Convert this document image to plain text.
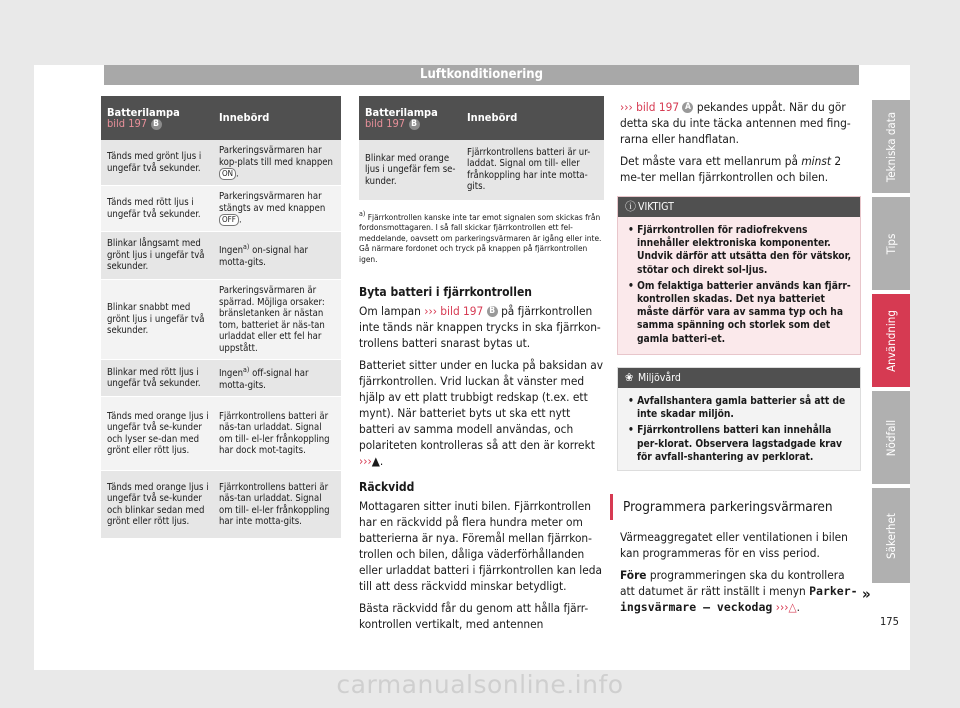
Luftkonditionering
Batterilampa
bild 197 B	Innebörd
Tänds med grönt ljus i ungefär två sekunder.	Parkeringsvärmaren har kop-plats till med knappen ON .
Tänds med rött ljus i ungefär två sekunder.	Parkeringsvärmaren har stängts av med knappen OFF .
Blinkar långsamt med grönt ljus i ungefär två sekunder.	Ingen$^{a)}$ on-signal har motta-gits.
Blinkar snabbt med grönt ljus i ungefär två sekunder.	Parkeringsvärmaren är spärrad. Möjliga orsaker: bränsletanken är nästan tom, batteriet är näs-tan urladdat eller ett fel har uppstått.
Blinkar med rött ljus i ungefär två sekunder.	Ingen$^{a)}$ off-signal har motta-gits.
Tänds med orange ljus i ungefär två se-kunder och lyser se-dan med grönt eller rött ljus.	Fjärrkontrollens batteri är näs-tan urladdat. Signal om till- el-ler frånkoppling har dock mot-tagits.
Tänds med orange ljus i ungefär två se-kunder och blinkar sedan med grönt eller rött ljus.	Fjärrkontrollens batteri är näs-tan urladdat. Signal om till- el-ler frånkoppling har inte motta-gits.
Batterilampa
bild 197 B	Innebörd
Blinkar med orange ljus i ungefär fem se-kunder.	Fjärrkontrollens batteri är ur-laddat. Signal om till- eller frånkoppling har inte motta-gits.
$^{a)}$ Fjärrkontrollen kanske inte tar emot signalen som skickas från fordonsmottagaren. I så fall skickar fjärrkontrollen ett fel-meddelande, oavsett om parkeringsvärmaren är igång eller inte. Gå närmare fordonet och tryck på knappen på fjärrkontrollen igen.
Byta batteri i fjärrkontrollen

Om lampan ››› bild 197 B på fjärrkontrollen inte tänds när knappen trycks in ska fjärrkon-trollens batteri snarast bytas ut.

Batteriet sitter under en lucka på baksidan av fjärrkontrollen. Vrid luckan åt vänster med hjälp av ett platt trubbigt redskap (t.ex. ett mynt). När batteriet byts ut ska ett nytt batteri av samma modell användas, och polariteten kontrolleras så att den är korrekt ›››▲.

Räckvidd

Mottagaren sitter inuti bilen. Fjärrkontrollen har en räckvidd på flera hundra meter om batterierna är nya. Föremål mellan fjärrkon-trollen och bilen, dåliga väderförhållanden eller urladdat batteri i fjärrkontrollen kan leda till att dess räckvidd minskar betydligt.

Bästa räckvidd får du genom att hålla fjärr-kontrollen vertikalt, med antennen

››› bild 197 A pekandes uppåt. När du gör detta ska du inte täcka antennen med fing-rarna eller handflatan.

Det måste vara ett mellanrum på minst 2 me-ter mellan fjärrkontrollen och bilen.

ⓘ VIKTIGT
• Fjärrkontrollen för radiofrekvens innehåller elektroniska komponenter. Undvik därför att utsätta den för vätskor, stötar och direkt sol-ljus.
• Om felaktiga batterier används kan fjärr-kontrollen skadas. Det nya batteriet måste därför vara av samma typ och ha samma spänning och storlek som det gamla batteri-et.
❀ Miljövård
• Avfallshantera gamla batterier så att de inte skadar miljön.
• Fjärrkontrollens batteri kan innehålla per-klorat. Observera lagstadgade krav för avfall-shantering av perklorat.
Programmera parkeringsvärmaren

Värmeaggregatet eller ventilationen i bilen kan programmeras för en viss period.

Före programmeringen ska du kontrollera att datumet är rätt inställt i menyn Parker-ingsvärmare – veckodag ›››△.

»
Tekniska data
Tips
Användning
Nödfall
Säkerhet
175
carmanualsonline.info
